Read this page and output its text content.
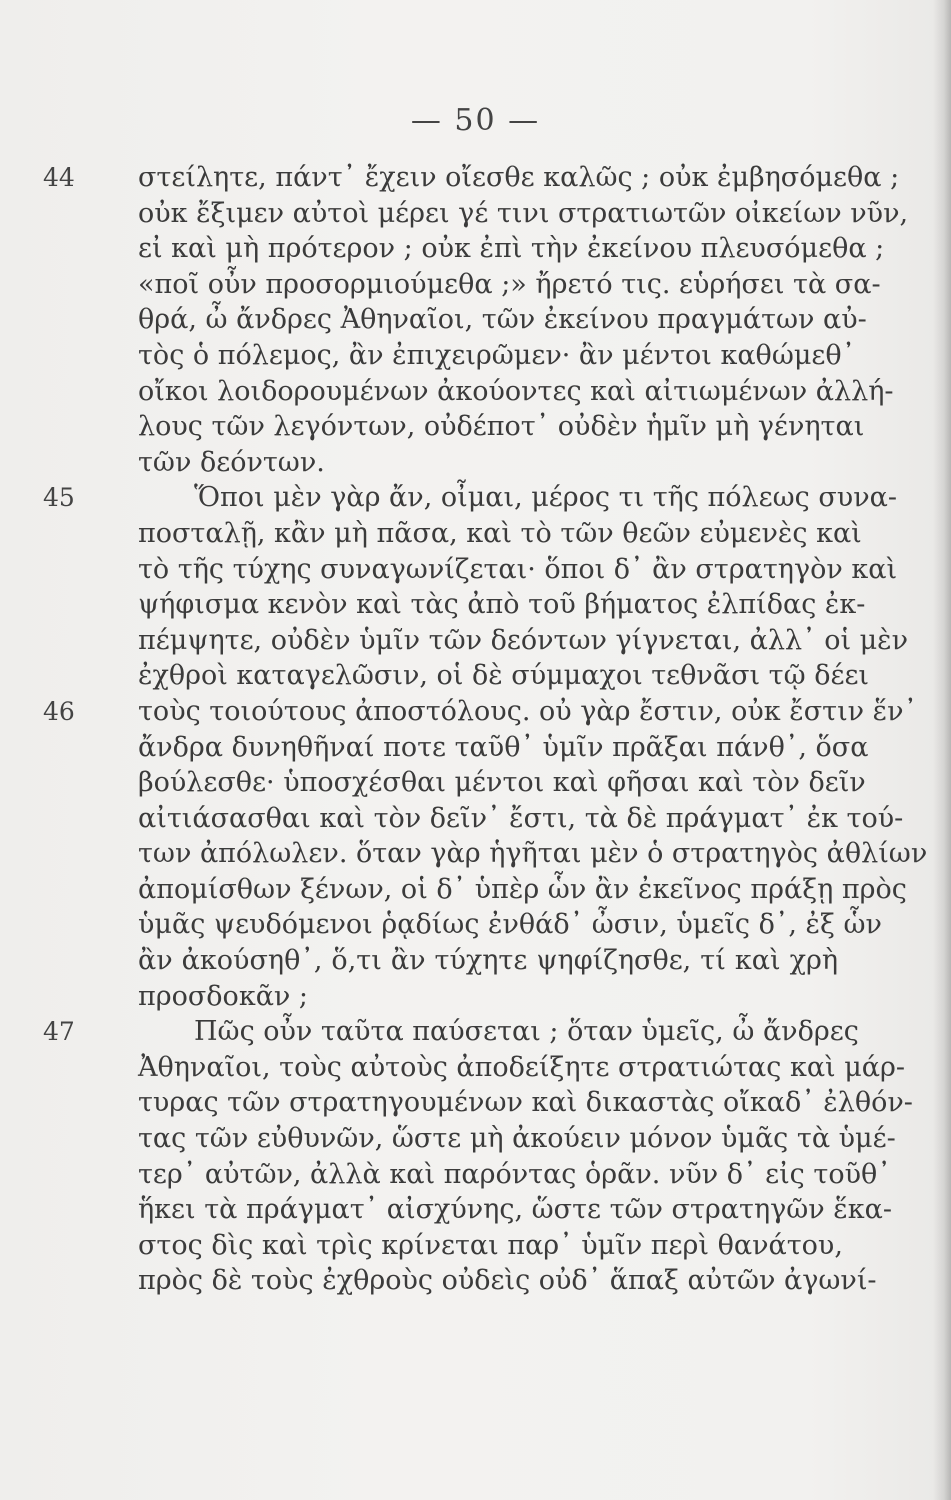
— 50 —
44	στείλητε, πάντ᾽ ἔχειν οἴεσθε καλῶς ; οὐκ ἐμβησόμεθα ;
οὐκ ἔξιμεν αὐτοὶ μέρει γέ τινι στρατιωτῶν οἰκείων νῦν,
εἰ καὶ μὴ πρότερον ; οὐκ ἐπὶ τὴν ἐκείνου πλευσόμεθα ;
«ποῖ οὖν προσορμιούμεθα ;» ἤρετό τις. εὑρήσει τὰ σα-
θρά, ὦ ἄνδρες Ἀθηναῖοι, τῶν ἐκείνου πραγμάτων αὐ-
τὸς ὁ πόλεμος, ἂν ἐπιχειρῶμεν· ἂν μέντοι καθώμεθ᾽
οἴκοι λοιδορουμένων ἀκούοντες καὶ αἰτιωμένων ἀλλή-
λους τῶν λεγόντων, οὐδέποτ᾽ οὐδὲν ἡμῖν μὴ γένηται
τῶν δεόντων.
45	Ὅποι μὲν γὰρ ἄν, οἶμαι, μέρος τι τῆς πόλεως συνα-
ποσταλῇ, κἂν μὴ πᾶσα, καὶ τὸ τῶν θεῶν εὐμενὲς καὶ
τὸ τῆς τύχης συναγωνίζεται· ὅποι δ᾽ ἂν στρατηγὸν καὶ
ψήφισμα κενὸν καὶ τὰς ἀπὸ τοῦ βήματος ἐλπίδας ἐκ-
πέμψητε, οὐδὲν ὑμῖν τῶν δεόντων γίγνεται, ἀλλ᾽ οἱ μὲν
ἐχθροὶ καταγελῶσιν, οἱ δὲ σύμμαχοι τεθνᾶσι τῷ δέει
46	τοὺς τοιούτους ἀποστόλους. οὐ γὰρ ἔστιν, οὐκ ἔστιν ἕν᾽
ἄνδρα δυνηθῆναί ποτε ταῦθ᾽ ὑμῖν πρᾶξαι πάνθ᾽, ὅσα
βούλεσθε· ὑποσχέσθαι μέντοι καὶ φῆσαι καὶ τὸν δεῖν
αἰτιάσασθαι καὶ τὸν δεῖν᾽ ἔστι, τὰ δὲ πράγματ᾽ ἐκ τού-
των ἀπόλωλεν. ὅταν γὰρ ἡγῆται μὲν ὁ στρατηγὸς ἀθλίων
ἀπομίσθων ξένων, οἱ δ᾽ ὑπὲρ ὧν ἂν ἐκεῖνος πράξῃ πρὸς
ὑμᾶς ψευδόμενοι ῥᾳδίως ἐνθάδ᾽ ὦσιν, ὑμεῖς δ᾽, ἐξ ὧν
ἂν ἀκούσηθ᾽, ὅ,τι ἂν τύχητε ψηφίζησθε, τί καὶ χρὴ
προσδοκᾶν ;
47	Πῶς οὖν ταῦτα παύσεται ; ὅταν ὑμεῖς, ὦ ἄνδρες
Ἀθηναῖοι, τοὺς αὐτοὺς ἀποδείξητε στρατιώτας καὶ μάρ-
τυρας τῶν στρατηγουμένων καὶ δικαστὰς οἴκαδ᾽ ἐλθόν-
τας τῶν εὐθυνῶν, ὥστε μὴ ἀκούειν μόνον ὑμᾶς τὰ ὑμέ-
τερ᾽ αὐτῶν, ἀλλὰ καὶ παρόντας ὁρᾶν. νῦν δ᾽ εἰς τοῦθ᾽
ἥκει τὰ πράγματ᾽ αἰσχύνης, ὥστε τῶν στρατηγῶν ἕκα-
στος δὶς καὶ τρὶς κρίνεται παρ᾽ ὑμῖν περὶ θανάτου,
πρὸς δὲ τοὺς ἐχθροὺς οὐδεὶς οὐδ᾽ ἅπαξ αὐτῶν ἀγωνί-
